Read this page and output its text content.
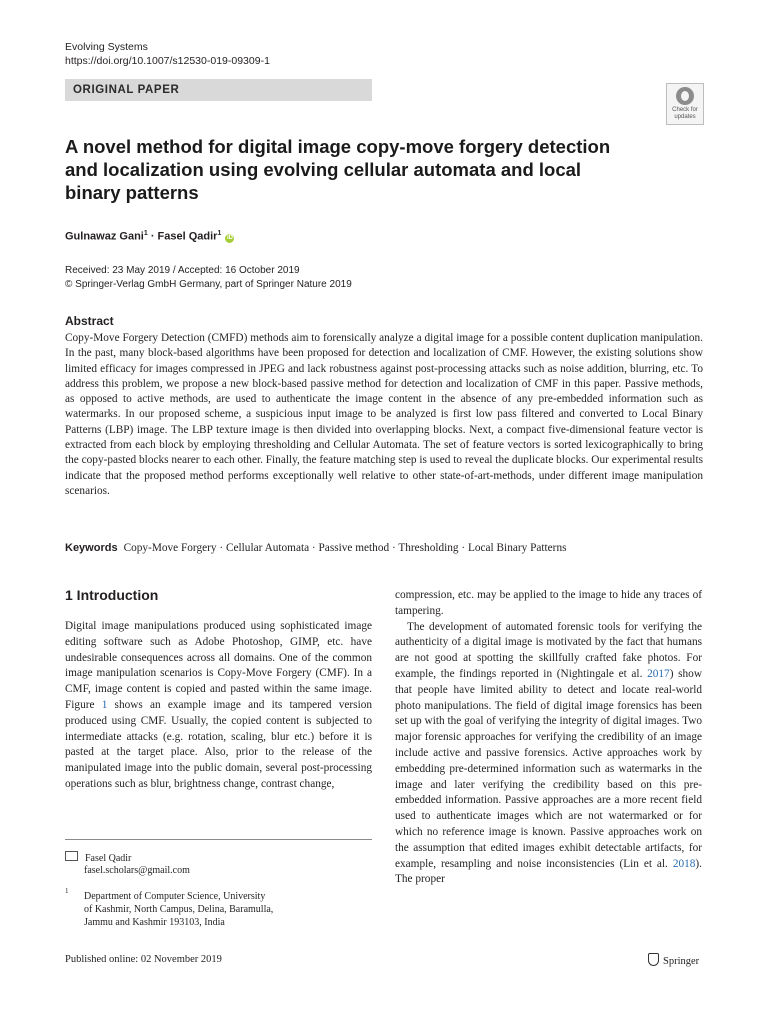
Evolving Systems
https://doi.org/10.1007/s12530-019-09309-1
ORIGINAL PAPER
Check for
updates
A novel method for digital image copy-move forgery detection and localization using evolving cellular automata and local binary patterns
Gulnawaz Gani$^1$ · Fasel Qadir$^1$ iD
Received: 23 May 2019 / Accepted: 16 October 2019
© Springer-Verlag GmbH Germany, part of Springer Nature 2019
Abstract
Copy-Move Forgery Detection (CMFD) methods aim to forensically analyze a digital image for a possible content duplication manipulation. In the past, many block-based algorithms have been proposed for detection and localization of CMF. However, the existing solutions show limited efficacy for images compressed in JPEG and lack robustness against post-processing attacks such as noise addition, blurring, etc. To address this problem, we propose a new block-based passive method for detection and localization of CMF in this paper. Passive methods, as opposed to active methods, are used to authenticate the image content in the absence of any pre-embedded information such as watermarks. In our proposed scheme, a suspicious input image to be analyzed is first low pass filtered and converted to Local Binary Patterns (LBP) image. The LBP texture image is then divided into overlapping blocks. Next, a compact five-dimensional feature vector is extracted from each block by employing thresholding and Cellular Automata. The set of feature vectors is sorted lexicographically to bring the copy-pasted blocks nearer to each other. Finally, the feature matching step is used to reveal the duplicate blocks. Our experimental results indicate that the proposed method performs exceptionally well relative to other state-of-art-methods, under different image manipulation scenarios.
Keywords Copy-Move Forgery · Cellular Automata · Passive method · Thresholding · Local Binary Patterns
1 Introduction

Digital image manipulations produced using sophisticated image editing software such as Adobe Photoshop, GIMP, etc. have undesirable consequences across all domains. One of the common image manipulation scenarios is Copy-Move Forgery (CMF). In a CMF, image content is copied and pasted within the same image. Figure 1 shows an example image and its tampered version produced using CMF. Usually, the copied content is subjected to intermediate attacks (e.g. rotation, scaling, blur etc.) before it is pasted at the target place. Also, prior to the release of the manipulated image into the public domain, several post-processing operations such as blur, brightness change, contrast change,

compression, etc. may be applied to the image to hide any traces of tampering.

The development of automated forensic tools for verifying the authenticity of a digital image is motivated by the fact that humans are not good at spotting the skillfully crafted fake photos. For example, the findings reported in (Nightingale et al. 2017) show that people have limited ability to detect and locate real-world photo manipulations. The field of digital image forensics has been set up with the goal of verifying the integrity of digital images. Two major forensic approaches for verifying the credibility of an image include active and passive forensics. Active approaches work by embedding pre-determined information such as watermarks in the image and later verifying the credibility based on this pre-embedded information. Passive approaches are a more recent field used to authenticate images which are not watermarked or for which no reference image is known. Passive approaches work on the assumption that edited images exhibit detectable artifacts, for example, resampling and noise inconsistencies (Lin et al. 2018). The proper

Fasel Qadir
fasel.scholars@gmail.com
1 Department of Computer Science, University
of Kashmir, North Campus, Delina, Baramulla,
Jammu and Kashmir 193103, India
Published online: 02 November 2019	Springer
